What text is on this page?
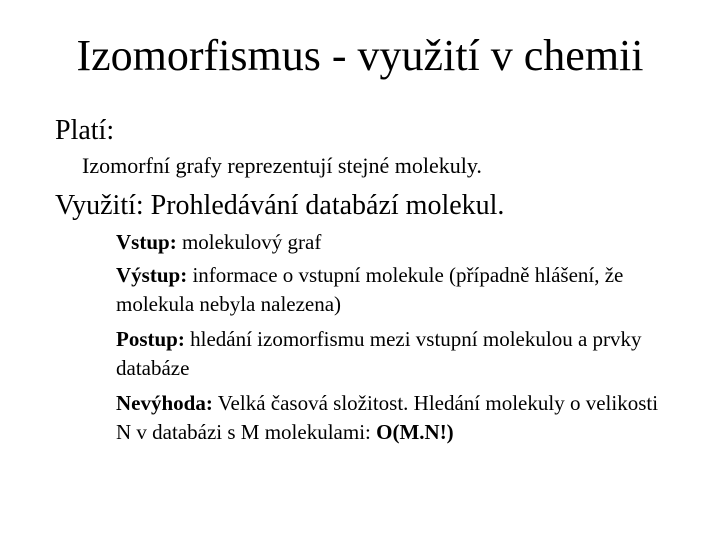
Izomorfismus - využití v chemii
Platí:
Izomorfní grafy reprezentují stejné molekuly.
Využití: Prohledávání databází molekul.
Vstup: molekulový graf
Výstup: informace o vstupní molekule (případně hlášení, že molekula nebyla nalezena)
Postup: hledání izomorfismu mezi vstupní molekulou a prvky databáze
Nevýhoda: Velká časová složitost. Hledání molekuly o velikosti N v databázi s M molekulami: O(M.N!)
